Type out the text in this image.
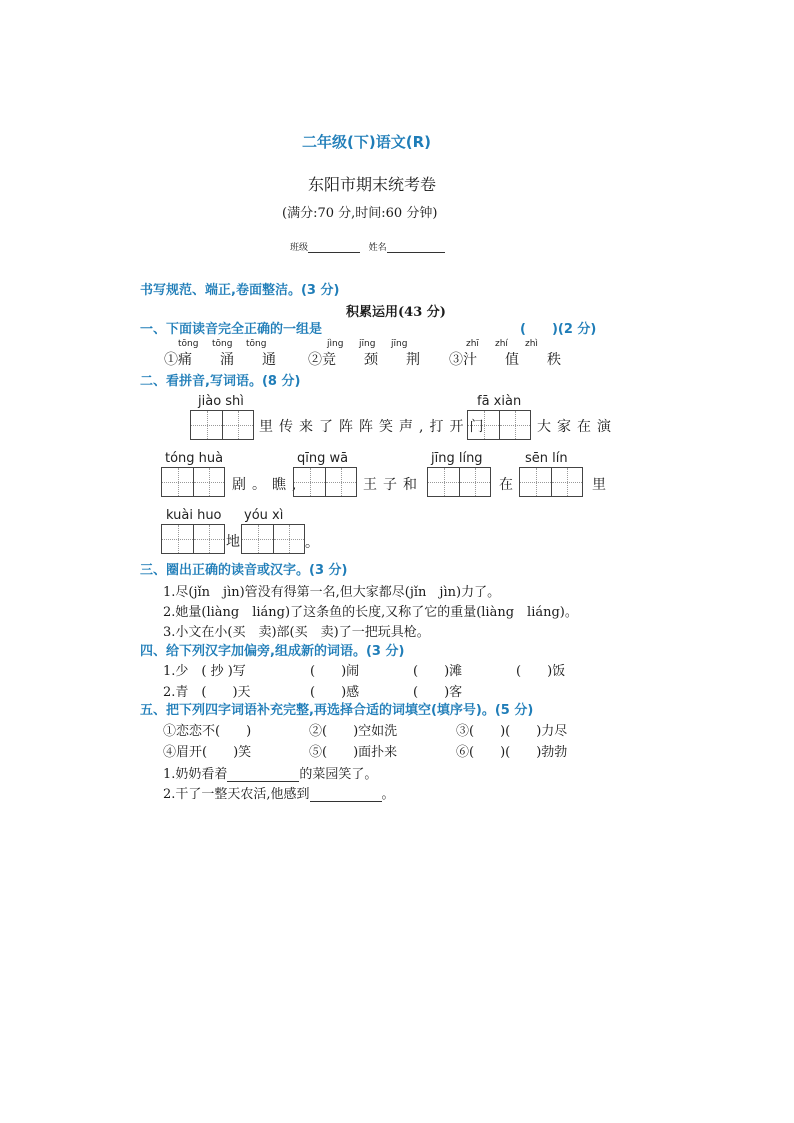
二年级(下)语文(R)
东阳市期末统考卷
(满分:70 分,时间:60 分钟)
班级	姓名
书写规范、端正,卷面整洁。(3 分)
积累运用(43 分)
一、下面读音完全正确的一组是	(　　)(2 分)
tōng tōng tōng	jìng jīng jīng	zhī zhí zhì
①痛　　涌　　通 ②竞　　颈　　荆 ③汁　　值　　秩
二、看拼音,写词语。(8 分)
jiào shì
里传来了阵阵笑声,打开门
fā xiàn
大家在演
tóng huà
剧。瞧,
qīng wā
王子和
jīng líng
在
sēn lín
里
kuài huo
地
yóu xì
。
三、圈出正确的读音或汉字。(3 分)
1.尽(jǐn　jìn)管没有得第一名,但大家都尽(jǐn　jìn)力了。
2.她量(liàng　liáng)了这条鱼的长度,又称了它的重量(liàng　liáng)。
3.小文在小(买　卖)部(买　卖)了一把玩具枪。
四、给下列汉字加偏旁,组成新的词语。(3 分)
1.少　( 抄 )写	(　　)闹	(　　)滩	(　　)饭
2.青　(　　)天	(　　)感	(　　)客
五、把下列四字词语补充完整,再选择合适的词填空(填序号)。(5 分)
①恋恋不(　　)	②(　　)空如洗	③(　　)(　　)力尽
④眉开(　　)笑	⑤(　　)面扑来	⑥(　　)(　　)勃勃
1.奶奶看着	的菜园笑了。
2.干了一整天农活,他感到	。
